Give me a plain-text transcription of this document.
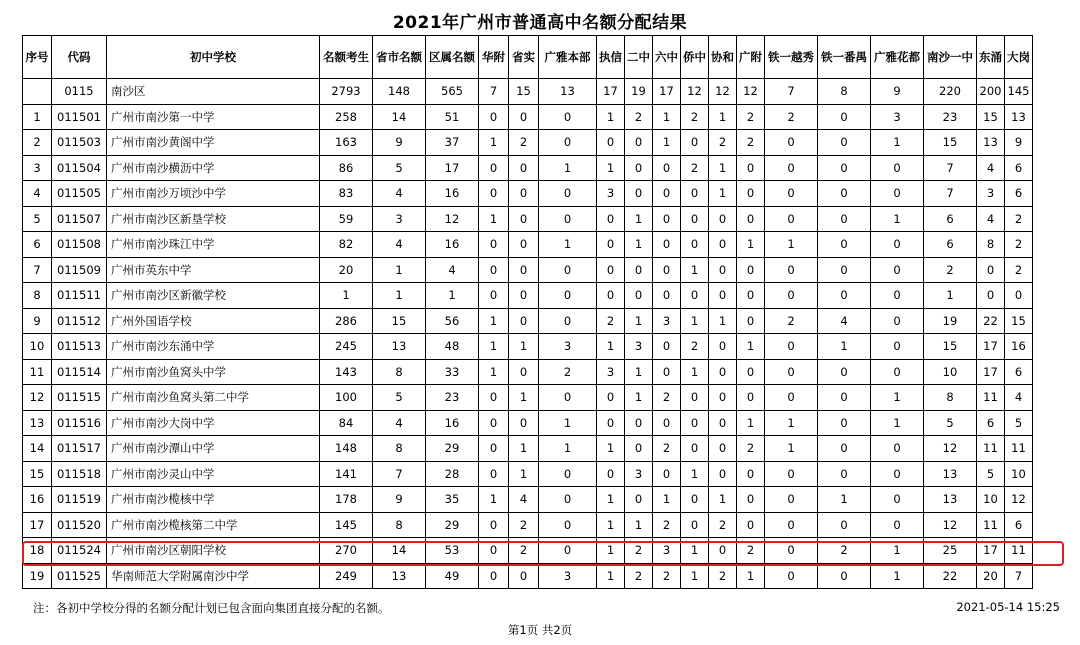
2021年广州市普通高中名额分配结果
序号	代码	初中学校	名额考生	省市名额	区属名额	华附	省实	广雅本部	执信	二中	六中	侨中	协和	广附	铁一越秀	铁一番禺	广雅花都	南沙一中	东涌	大岗
	0115	南沙区	2793	148	565	7	15	13	17	19	17	12	12	12	7	8	9	220	200	145
1	011501	广州市南沙第一中学	258	14	51	0	0	0	1	2	1	2	1	2	2	0	3	23	15	13
2	011503	广州市南沙黄阁中学	163	9	37	1	2	0	0	0	1	0	2	2	0	0	1	15	13	9
3	011504	广州市南沙横沥中学	86	5	17	0	0	1	1	0	0	2	1	0	0	0	0	7	4	6
4	011505	广州市南沙万顷沙中学	83	4	16	0	0	0	3	0	0	0	1	0	0	0	0	7	3	6
5	011507	广州市南沙区新垦学校	59	3	12	1	0	0	0	1	0	0	0	0	0	0	1	6	4	2
6	011508	广州市南沙珠江中学	82	4	16	0	0	1	0	1	0	0	0	1	1	0	0	6	8	2
7	011509	广州市英东中学	20	1	4	0	0	0	0	0	0	1	0	0	0	0	0	2	0	2
8	011511	广州市南沙区新徽学校	1	1	1	0	0	0	0	0	0	0	0	0	0	0	0	1	0	0
9	011512	广州外国语学校	286	15	56	1	0	0	2	1	3	1	1	0	2	4	0	19	22	15
10	011513	广州市南沙东涌中学	245	13	48	1	1	3	1	3	0	2	0	1	0	1	0	15	17	16
11	011514	广州市南沙鱼窝头中学	143	8	33	1	0	2	3	1	0	1	0	0	0	0	0	10	17	6
12	011515	广州市南沙鱼窝头第二中学	100	5	23	0	1	0	0	1	2	0	0	0	0	0	1	8	11	4
13	011516	广州市南沙大岗中学	84	4	16	0	0	1	0	0	0	0	0	1	1	0	1	5	6	5
14	011517	广州市南沙潭山中学	148	8	29	0	1	1	1	0	2	0	0	2	1	0	0	12	11	11
15	011518	广州市南沙灵山中学	141	7	28	0	1	0	0	3	0	1	0	0	0	0	0	13	5	10
16	011519	广州市南沙榄核中学	178	9	35	1	4	0	1	0	1	0	1	0	0	1	0	13	10	12
17	011520	广州市南沙榄核第二中学	145	8	29	0	2	0	1	1	2	0	2	0	0	0	0	12	11	6
18	011524	广州市南沙区朝阳学校	270	14	53	0	2	0	1	2	3	1	0	2	0	2	1	25	17	11
19	011525	华南师范大学附属南沙中学	249	13	49	0	0	3	1	2	2	1	2	1	0	0	1	22	20	7
注：各初中学校分得的名额分配计划已包含面向集团直接分配的名额。	2021-05-14 15:25
第1页 共2页
